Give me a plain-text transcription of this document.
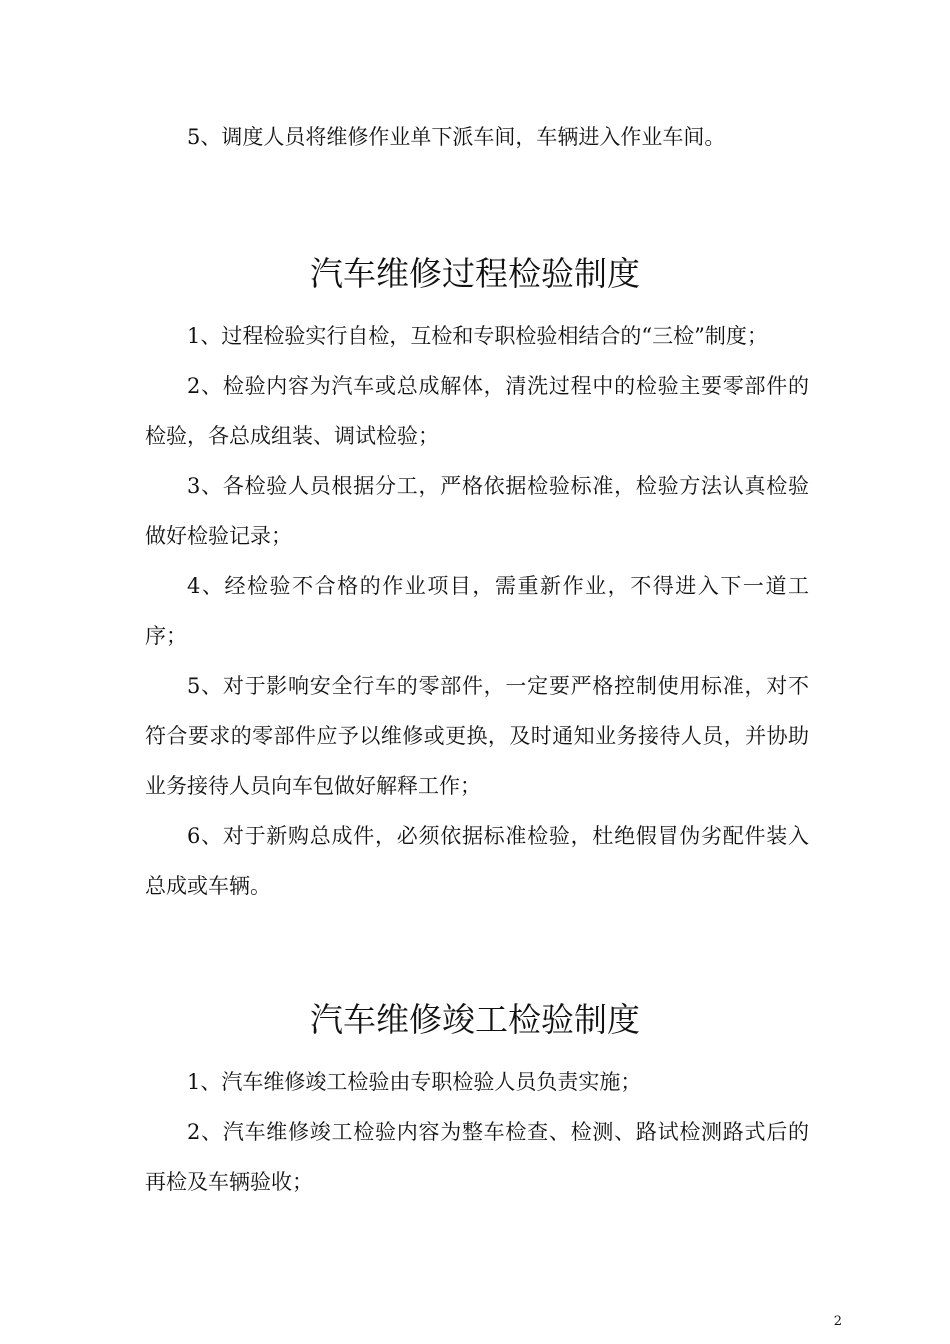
5、调度人员将维修作业单下派车间，车辆进入作业车间。

汽车维修过程检验制度

1、过程检验实行自检，互检和专职检验相结合的“三检”制度；

2、检验内容为汽车或总成解体，清洗过程中的检验主要零部件的检验，各总成组装、调试检验；

3、各检验人员根据分工，严格依据检验标准，检验方法认真检验做好检验记录；

4、经检验不合格的作业项目，需重新作业，不得进入下一道工序；

5、对于影响安全行车的零部件，一定要严格控制使用标准，对不符合要求的零部件应予以维修或更换，及时通知业务接待人员，并协助业务接待人员向车包做好解释工作；

6、对于新购总成件，必须依据标准检验，杜绝假冒伪劣配件装入总成或车辆。

汽车维修竣工检验制度

1、汽车维修竣工检验由专职检验人员负责实施；

2、汽车维修竣工检验内容为整车检查、检测、路试检测路式后的再检及车辆验收；

2
